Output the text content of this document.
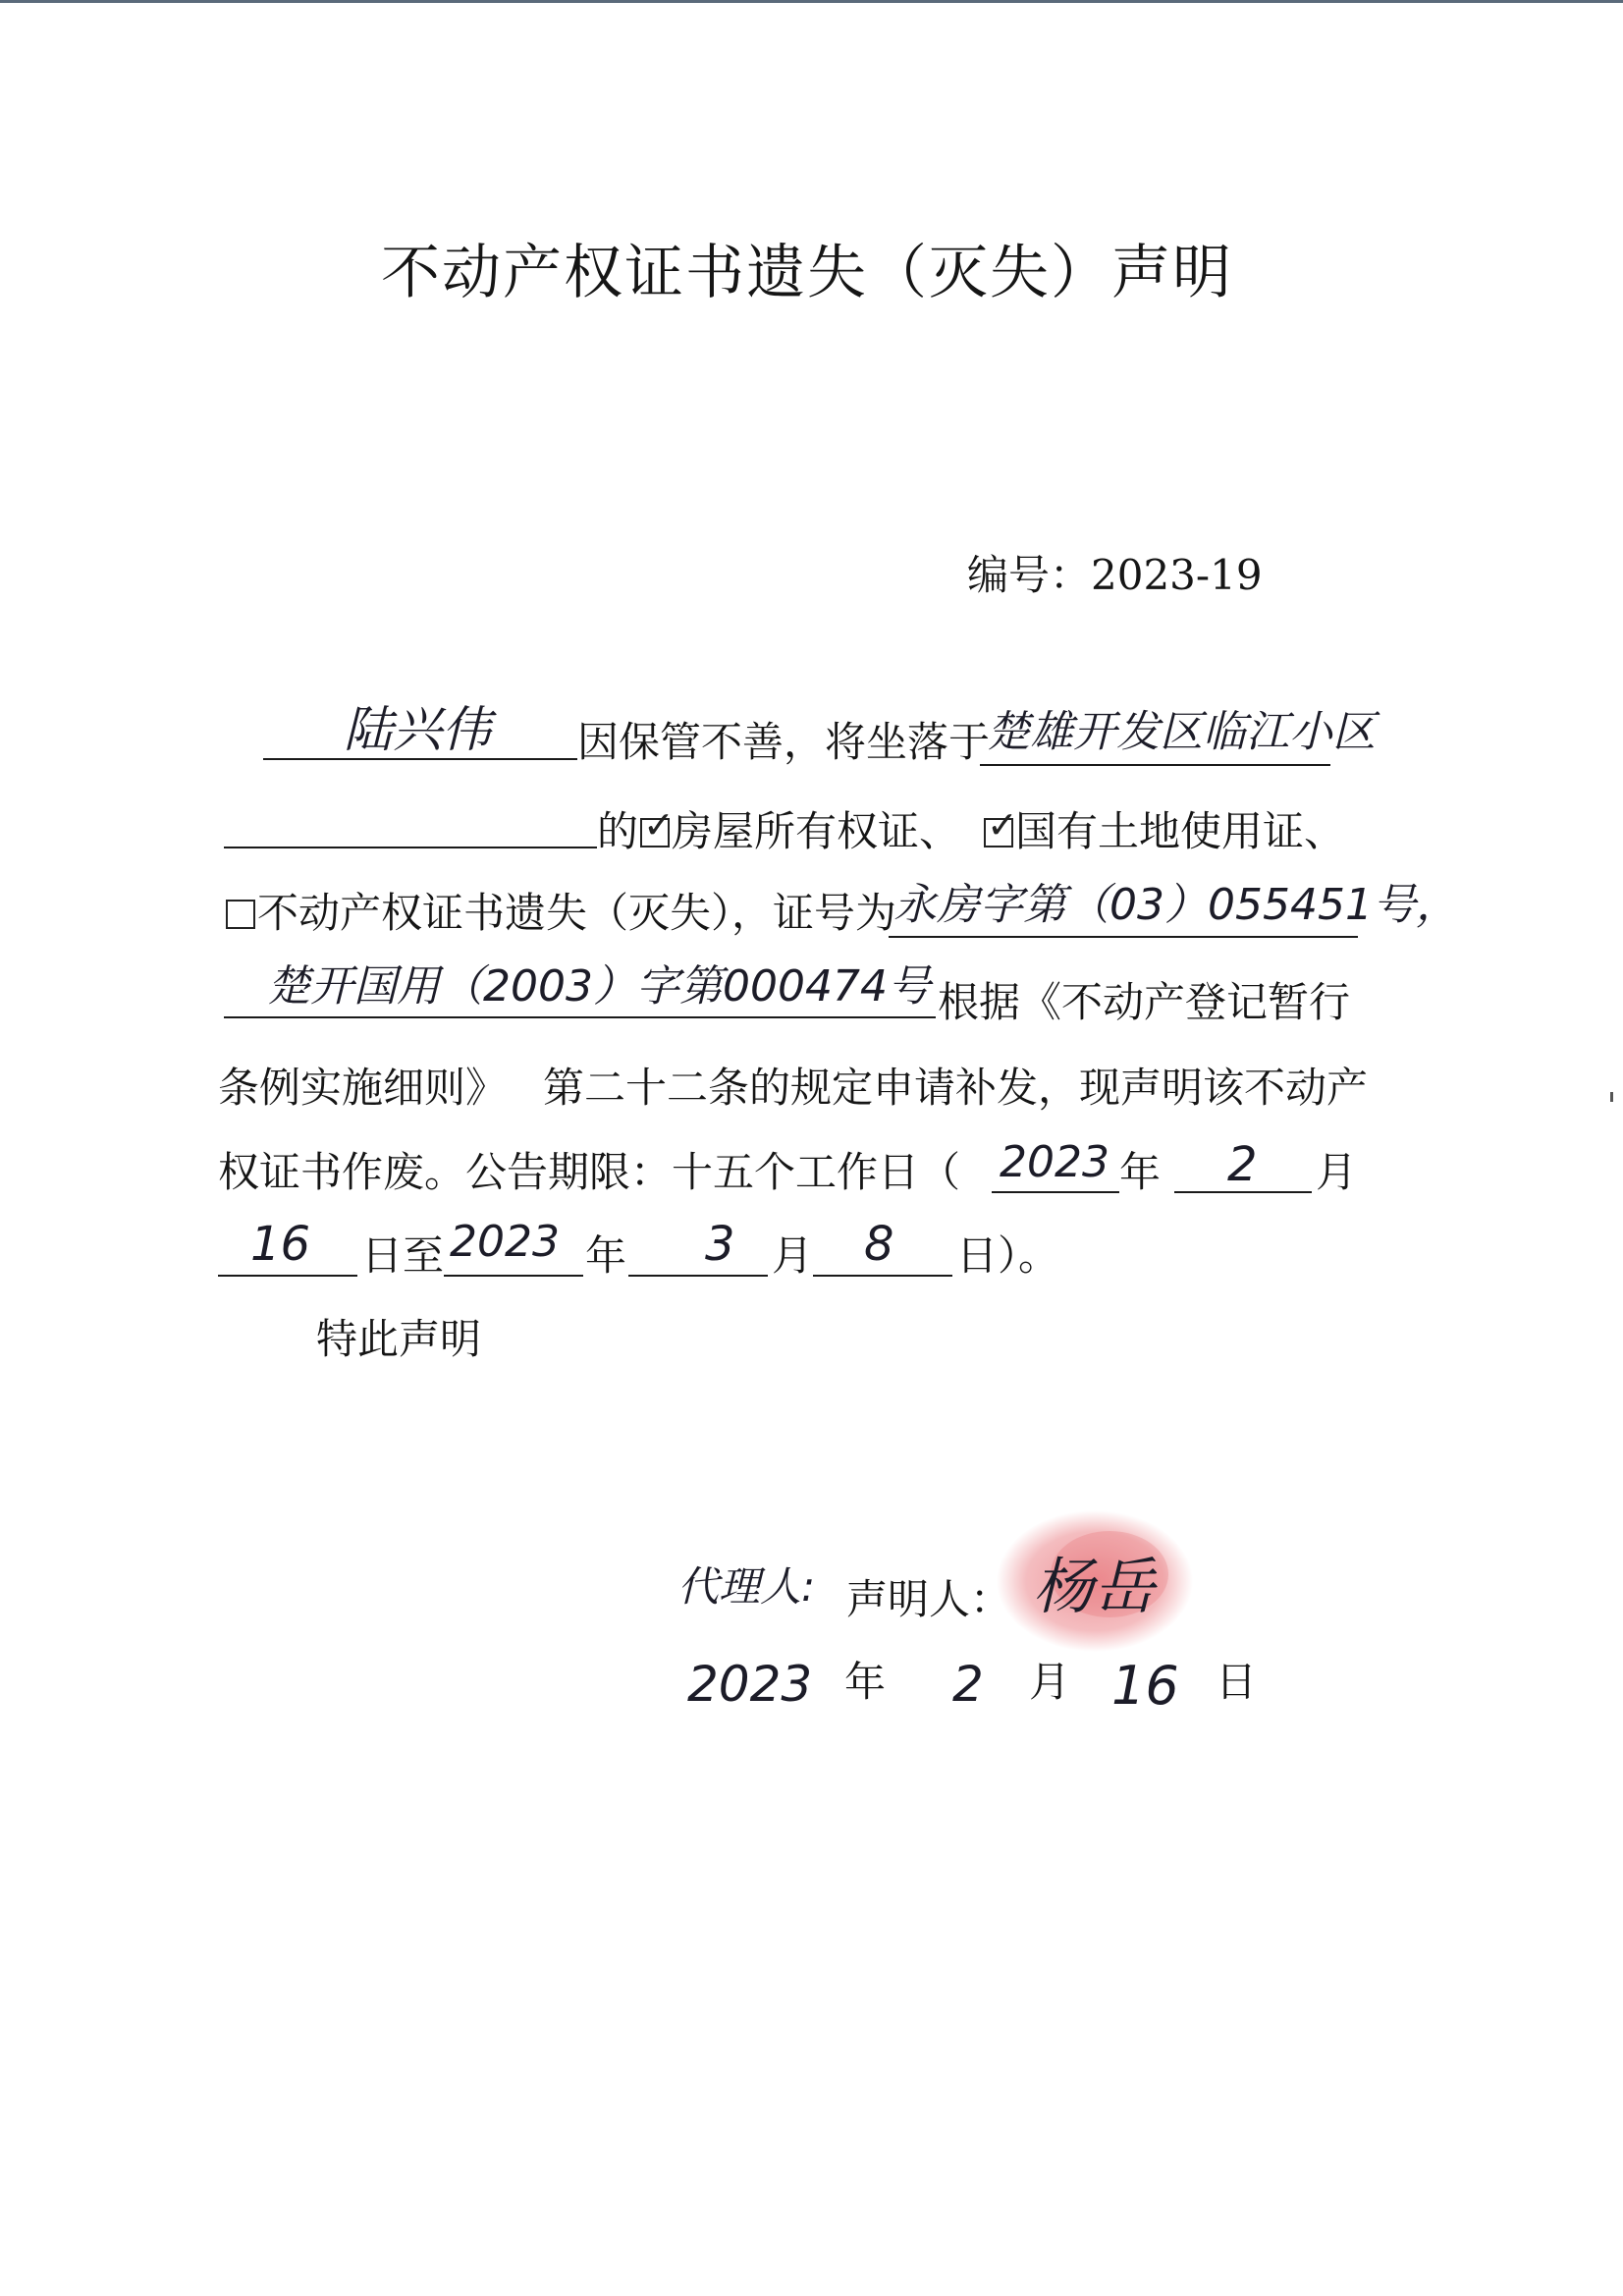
不动产权证书遗失（灭失）声明
编号：2023-19
陆兴伟 因保管不善，将坐落于
楚雄开发区临江小区
的 ✓ 房屋所有权证、 ✓ 国有土地使用证、
不动产权证书遗失（灭失），证号为
永房字第（03）055451号，
楚开国用（2003）字第000474号 根据《不动产登记暂行
条例实施细则》 第二十二条的规定申请补发，现声明该不动产
权证书作废。公告期限：十五个工作日（ 2023 年 2 月
16 日至 2023 年 3 月 8 日）。
特此声明
代理人: 声明人： 杨岳
2023 年 2 月 16 日
